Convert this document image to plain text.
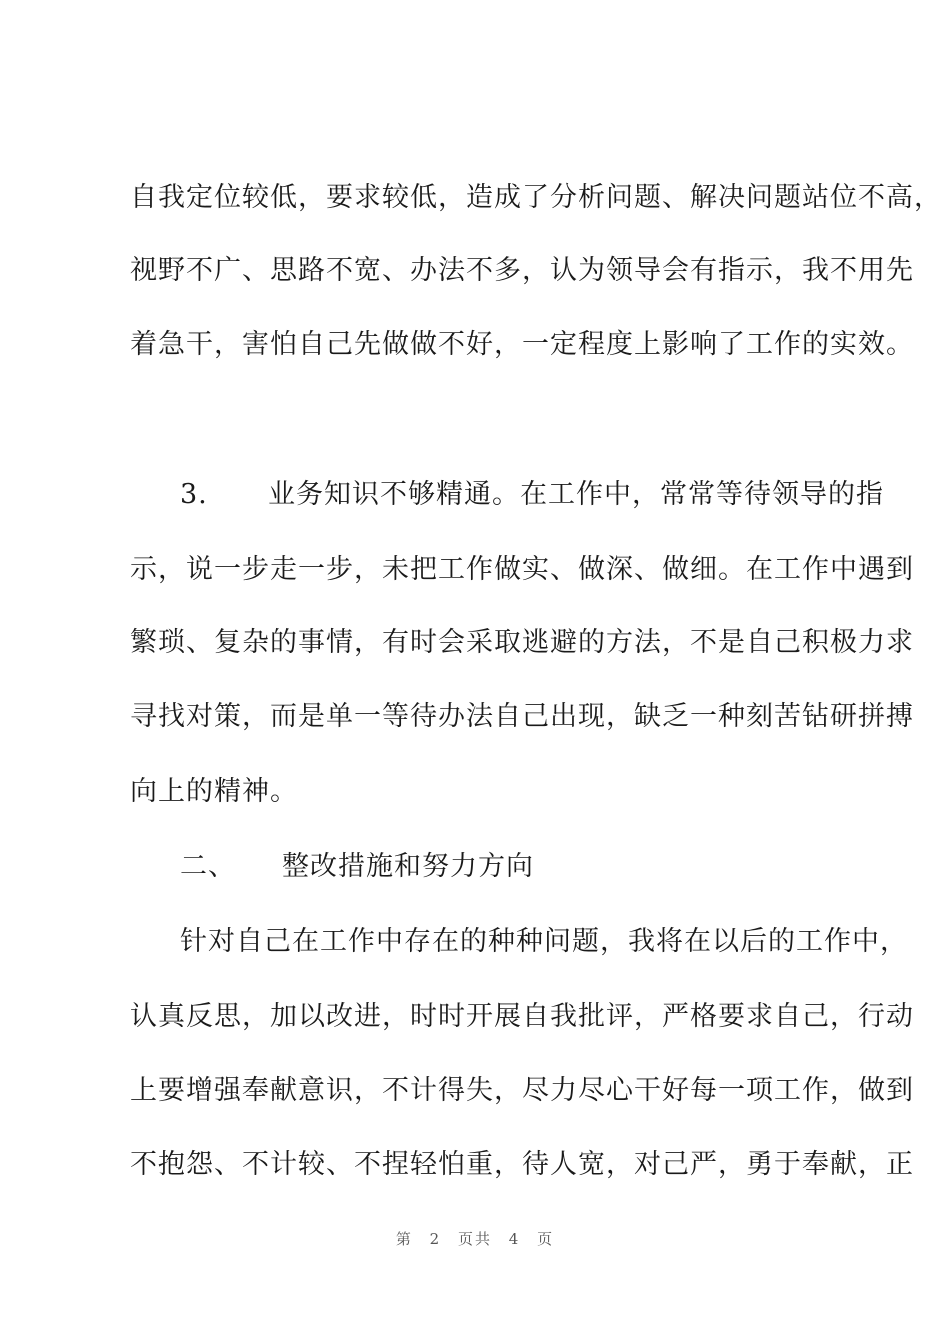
自我定位较低，要求较低，造成了分析问题、解决问题站位不高，
视野不广、思路不宽、办法不多，认为领导会有指示，我不用先
着急干，害怕自己先做做不好，一定程度上影响了工作的实效。
3. 业务知识不够精通。在工作中，常常等待领导的指
示，说一步走一步，未把工作做实、做深、做细。在工作中遇到
繁琐、复杂的事情，有时会采取逃避的方法，不是自己积极力求
寻找对策，而是单一等待办法自己出现，缺乏一种刻苦钻研拼搏
向上的精神。
二、 整改措施和努力方向
针对自己在工作中存在的种种问题，我将在以后的工作中，
认真反思，加以改进，时时开展自我批评，严格要求自己，行动
上要增强奉献意识，不计得失，尽力尽心干好每一项工作，做到
不抱怨、不计较、不捏轻怕重，待人宽，对己严，勇于奉献，正
第 2 页共 4 页
